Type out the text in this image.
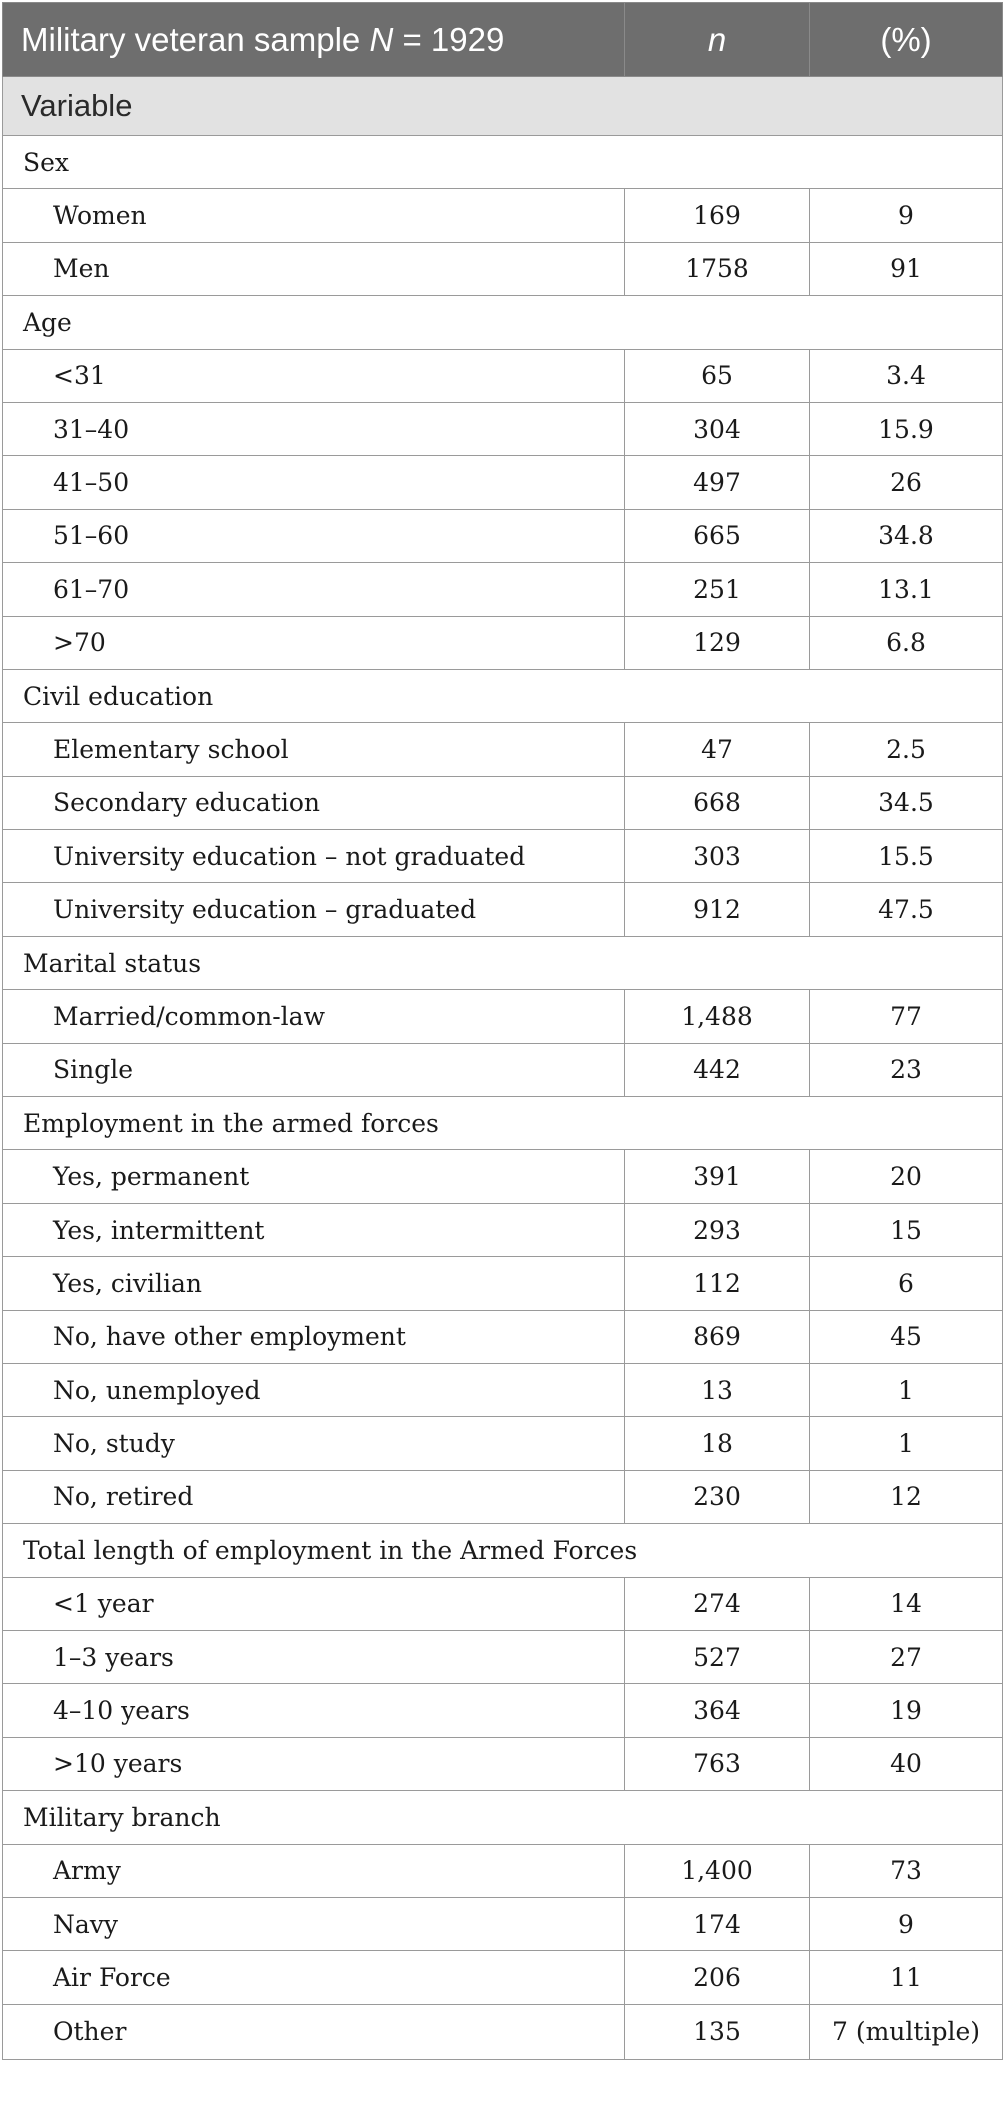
Military veteran sample N = 1929	n	(%)
Variable		
Sex		
Women	169	9
Men	1758	91
Age		
<31	65	3.4
31–40	304	15.9
41–50	497	26
51–60	665	34.8
61–70	251	13.1
>70	129	6.8
Civil education		
Elementary school	47	2.5
Secondary education	668	34.5
University education – not graduated	303	15.5
University education – graduated	912	47.5
Marital status		
Married/common-law	1,488	77
Single	442	23
Employment in the armed forces		
Yes, permanent	391	20
Yes, intermittent	293	15
Yes, civilian	112	6
No, have other employment	869	45
No, unemployed	13	1
No, study	18	1
No, retired	230	12
Total length of employment in the Armed Forces		
<1 year	274	14
1–3 years	527	27
4–10 years	364	19
>10 years	763	40
Military branch		
Army	1,400	73
Navy	174	9
Air Force	206	11
Other	135	7 (multiple)
